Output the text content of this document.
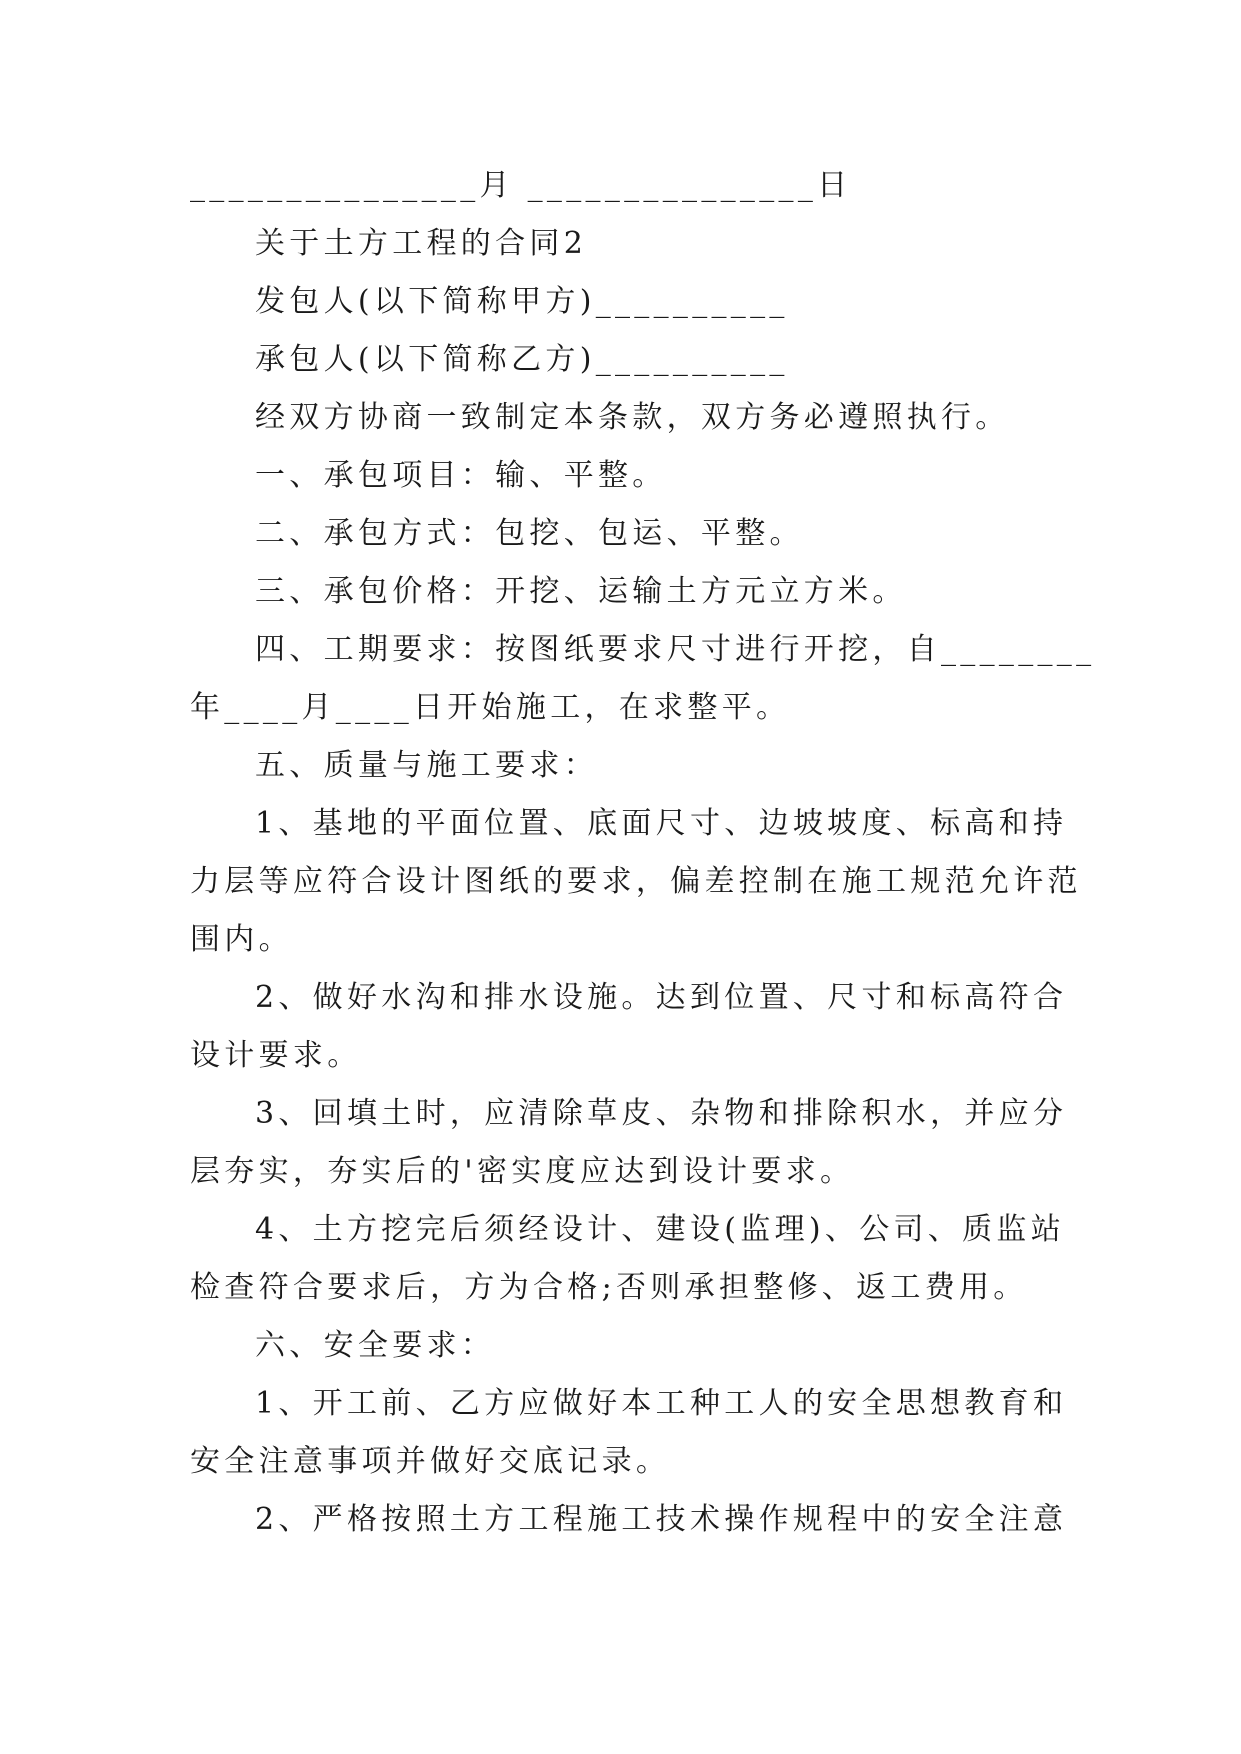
_______________月 _______________日
关于土方工程的合同2
发包人(以下简称甲方)__________
承包人(以下简称乙方)__________
经双方协商一致制定本条款，双方务必遵照执行。
一、承包项目：输、平整。
二、承包方式：包挖、包运、平整。
三、承包价格：开挖、运输土方元立方米。
四、工期要求：按图纸要求尺寸进行开挖，自________
年____月____日开始施工，在求整平。
五、质量与施工要求：
1、基地的平面位置、底面尺寸、边坡坡度、标高和持
力层等应符合设计图纸的要求，偏差控制在施工规范允许范
围内。
2、做好水沟和排水设施。达到位置、尺寸和标高符合
设计要求。
3、回填土时，应清除草皮、杂物和排除积水，并应分
层夯实，夯实后的'密实度应达到设计要求。
4、土方挖完后须经设计、建设(监理)、公司、质监站
检查符合要求后，方为合格;否则承担整修、返工费用。
六、安全要求：
1、开工前、乙方应做好本工种工人的安全思想教育和
安全注意事项并做好交底记录。
2、严格按照土方工程施工技术操作规程中的安全注意
